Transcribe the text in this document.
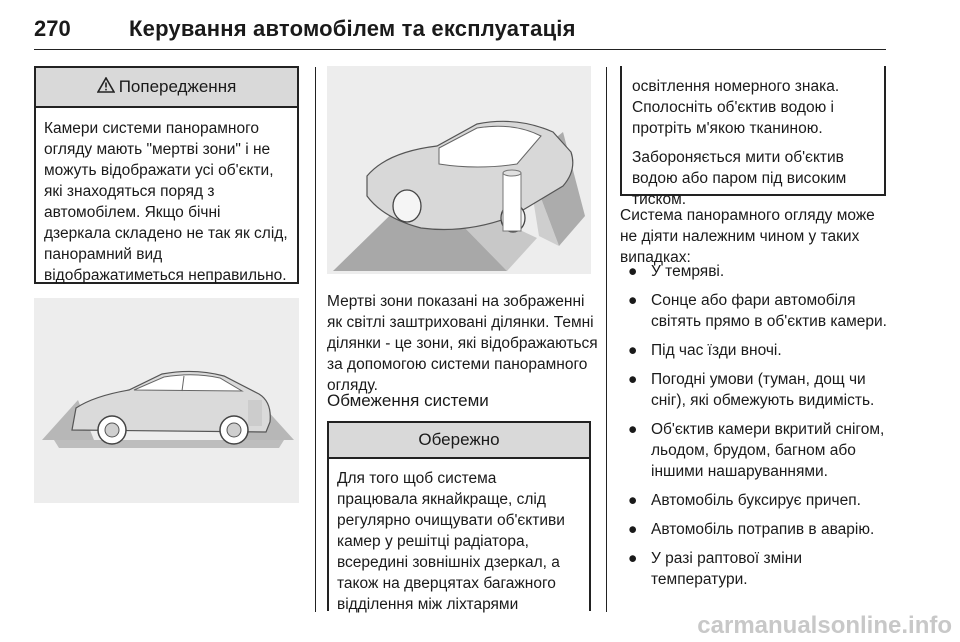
270	Керування автомобілем та експлуатація
Попередження
Камери системи панорамного огляду мають "мертві зони" і не можуть відображати усі об'єкти, які знаходяться поряд з автомобілем. Якщо бічні дзеркала складено не так як слід, панорамний вид відображатиметься неправильно.
Мертві зони показані на зображенні як світлі заштриховані ділянки. Темні ділянки - це зони, які відображаються за допомогою системи панорамного огляду.
Обмеження системи
Обережно
Для того щоб система працювала якнайкраще, слід регулярно очищувати об'єктиви камер у решітці радіатора, всередині зовнішніх дзеркал, а також на дверцятах багажного відділення між ліхтарями
освітлення номерного знака. Сполосніть об'єктив водою і протріть м'якою тканиною.
Забороняється мити об'єктив водою або паром під високим тиском.
Система панорамного огляду може не діяти належним чином у таких випадках:
● У темряві.
● Сонце або фари автомобіля світять прямо в об'єктив камери.
● Під час їзди вночі.
● Погодні умови (туман, дощ чи сніг), які обмежують видимість.
● Об'єктив камери вкритий снігом, льодом, брудом, багном або іншими нашаруваннями.
● Автомобіль буксирує причеп.
● Автомобіль потрапив в аварію.
● У разі раптової зміни температури.
carmanualsonline.info
